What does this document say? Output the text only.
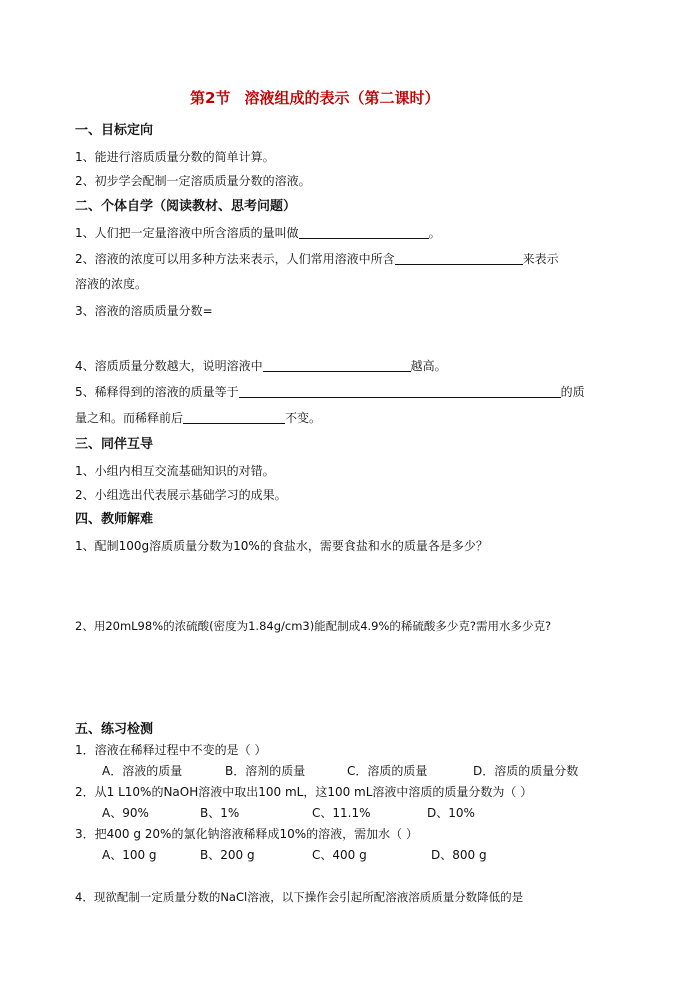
第2节 溶液组成的表示（第二课时）
一、目标定向
1、能进行溶质质量分数的简单计算。
2、初步学会配制一定溶质质量分数的溶液。
二、个体自学（阅读教材、思考问题）
1、人们把一定量溶液中所含溶质的量叫做	。
2、溶液的浓度可以用多种方法来表示，人们常用溶液中所含	来表示
溶液的浓度。
3、溶液的溶质质量分数=
4、溶质质量分数越大，说明溶液中	越高。
5、稀释得到的溶液的质量等于	的质
量之和。而稀释前后	不变。
三、同伴互导
1、小组内相互交流基础知识的对错。
2、小组选出代表展示基础学习的成果。
四、教师解难
1、配制100g溶质质量分数为10%的食盐水，需要食盐和水的质量各是多少？
2、用20mL98%的浓硫酸(密度为1.84g/cm3)能配制成4.9%的稀硫酸多少克?需用水多少克?
五、练习检测
1．溶液在稀释过程中不变的是（ ）
A．溶液的质量	B．溶剂的质量	C．溶质的质量	D．溶质的质量分数
2．从1 L10%的NaOH溶液中取出100 mL，这100 mL溶液中溶质的质量分数为（ ）
A、90%	B、1%	C、11.1%	D、10%
3．把400 g 20%的氯化钠溶液稀释成10%的溶液，需加水（ ）
A、100 g	B、200 g	C、400 g	D、800 g
4．现欲配制一定质量分数的NaCl溶液，以下操作会引起所配溶液溶质质量分数降低的是
